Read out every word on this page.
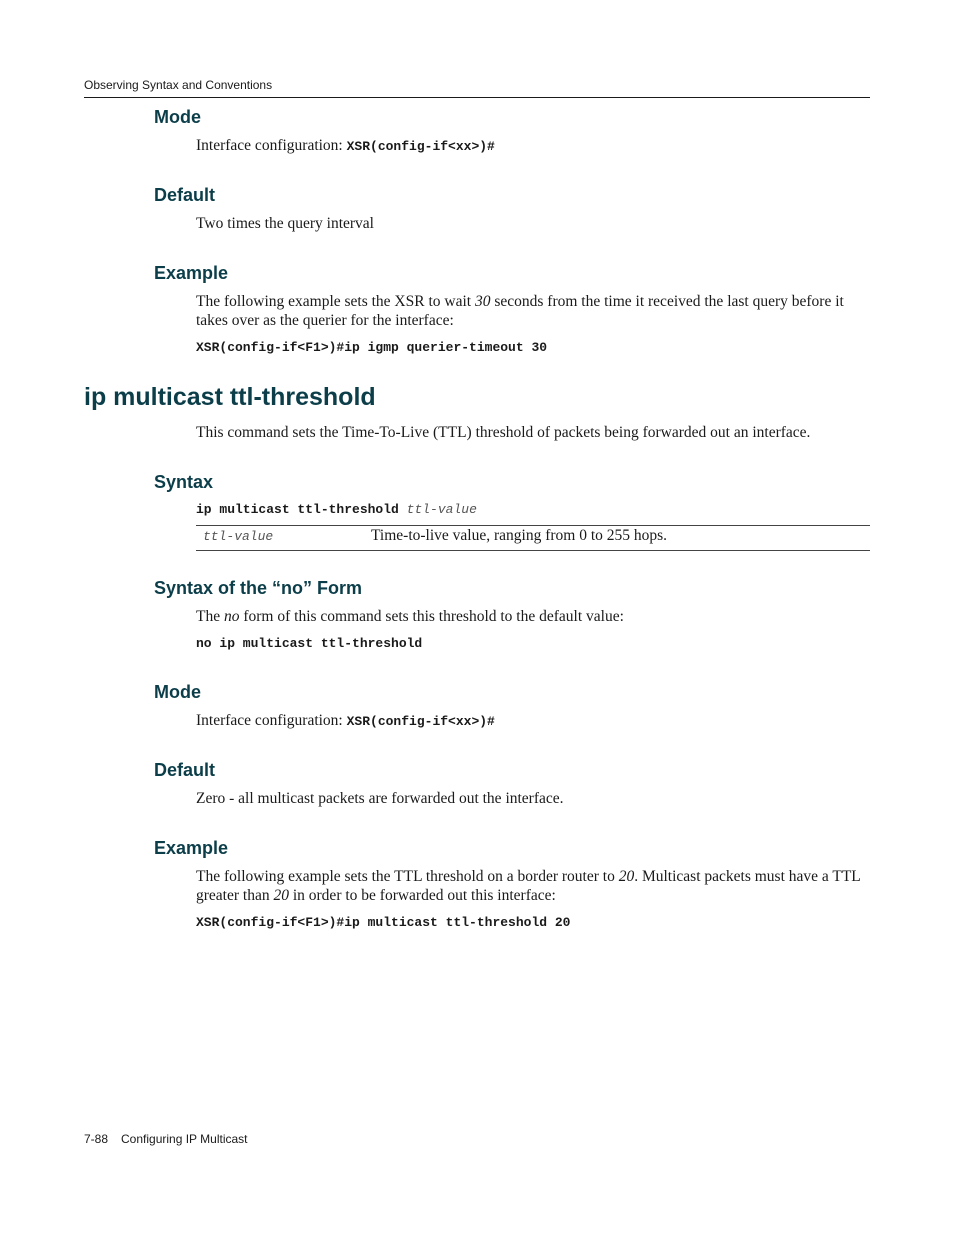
Observing Syntax and Conventions
Mode
Interface configuration: XSR(config-if<xx>)#
Default
Two times the query interval
Example
The following example sets the XSR to wait 30 seconds from the time it received the last query before it takes over as the querier for the interface:
XSR(config-if<F1>)#ip igmp querier-timeout 30
ip multicast ttl-threshold
This command sets the Time-To-Live (TTL) threshold of packets being forwarded out an interface.
Syntax
ip multicast ttl-threshold ttl-value
ttl-value	Time-to-live value, ranging from 0 to 255 hops.
Syntax of the “no” Form
The no form of this command sets this threshold to the default value:
no ip multicast ttl-threshold
Mode
Interface configuration: XSR(config-if<xx>)#
Default
Zero - all multicast packets are forwarded out the interface.
Example
The following example sets the TTL threshold on a border router to 20. Multicast packets must have a TTL greater than 20 in order to be forwarded out this interface:
XSR(config-if<F1>)#ip multicast ttl-threshold 20
7-88 Configuring IP Multicast
